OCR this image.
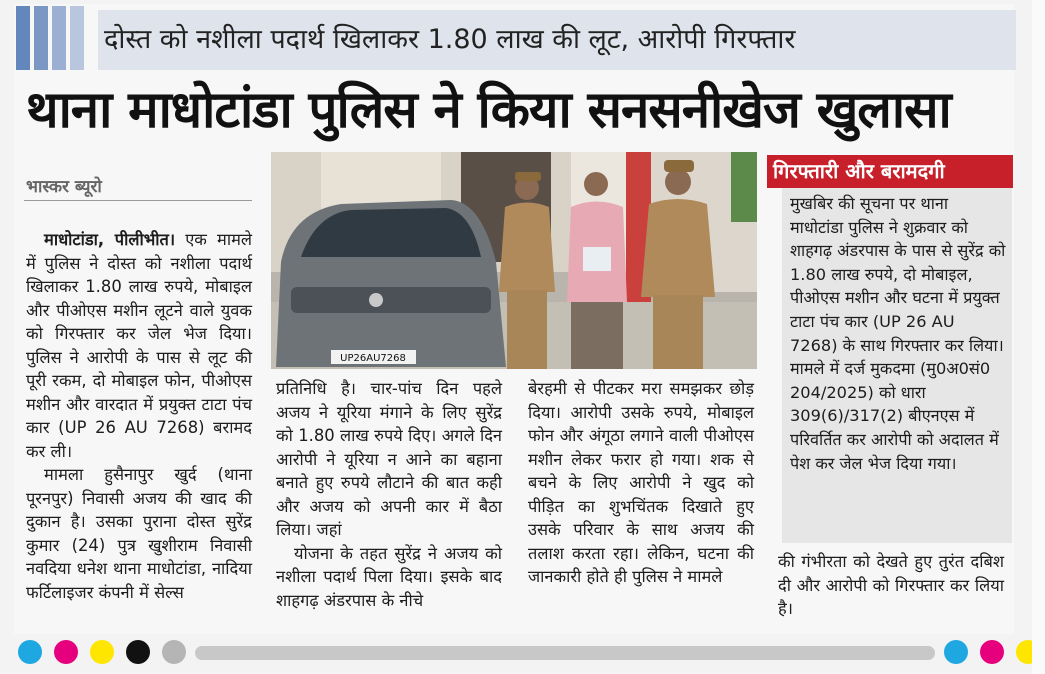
दोस्त को नशीला पदार्थ खिलाकर 1.80 लाख की लूट, आरोपी गिरफ्तार
थाना माधोटांडा पुलिस ने किया सनसनीखेज खुलासा
भास्कर ब्यूरो

माधोटांडा, पीलीभीत। एक मामले में पुलिस ने दोस्त को नशीला पदार्थ खिलाकर 1.80 लाख रुपये, मोबाइल और पीओएस मशीन लूटने वाले युवक को गिरफ्तार कर जेल भेज दिया। पुलिस ने आरोपी के पास से लूट की पूरी रकम, दो मोबाइल फोन, पीओएस मशीन और वारदात में प्रयुक्त टाटा पंच कार (UP 26 AU 7268) बरामद कर ली।

मामला हुसैनापुर खुर्द (थाना पूरनपुर) निवासी अजय की खाद की दुकान है। उसका पुराना दोस्त सुरेंद्र कुमार (24) पुत्र खुशीराम निवासी नवदिया धनेश थाना माधोटांडा, नादिया फर्टिलाइजर कंपनी में सेल्स

UP26AU7268

प्रतिनिधि है। चार-पांच दिन पहले अजय ने यूरिया मंगाने के लिए सुरेंद्र को 1.80 लाख रुपये दिए। अगले दिन आरोपी ने यूरिया न आने का बहाना बनाते हुए रुपये लौटाने की बात कही और अजय को अपनी कार में बैठा लिया। जहां

योजना के तहत सुरेंद्र ने अजय को नशीला पदार्थ पिला दिया। इसके बाद शाहगढ़ अंडरपास के नीचे

बेरहमी से पीटकर मरा समझकर छोड़ दिया। आरोपी उसके रुपये, मोबाइल फोन और अंगूठा लगाने वाली पीओएस मशीन लेकर फरार हो गया। शक से बचने के लिए आरोपी ने खुद को पीड़ित का शुभचिंतक दिखाते हुए उसके परिवार के साथ अजय की तलाश करता रहा। लेकिन, घटना की जानकारी होते ही पुलिस ने मामले

गिरफ्तारी और बरामदगी

मुखबिर की सूचना पर थाना माधोटांडा पुलिस ने शुक्रवार को शाहगढ़ अंडरपास के पास से सुरेंद्र को 1.80 लाख रुपये, दो मोबाइल, पीओएस मशीन और घटना में प्रयुक्त टाटा पंच कार (UP 26 AU 7268) के साथ गिरफ्तार कर लिया। मामले में दर्ज मुकदमा (मु0अ0सं0 204/2025) को धारा 309(6)/317(2) बीएनएस में परिवर्तित कर आरोपी को अदालत में पेश कर जेल भेज दिया गया।

की गंभीरता को देखते हुए तुरंत दबिश दी और आरोपी को गिरफ्तार कर लिया है।
